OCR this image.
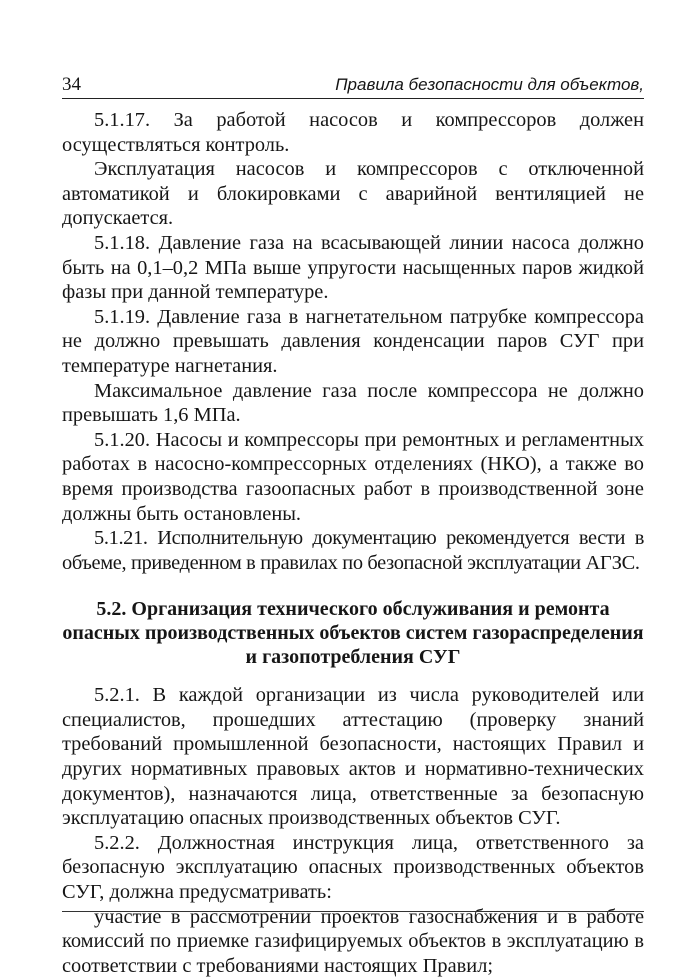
34	Правила безопасности для объектов,

5.1.17. За работой насосов и компрессоров должен осуществляться контроль.

Эксплуатация насосов и компрессоров с отключенной автоматикой и блокировками с аварийной вентиляцией не допускается.

5.1.18. Давление газа на всасывающей линии насоса должно быть на 0,1–0,2 МПа выше упругости насыщенных паров жидкой фазы при данной температуре.

5.1.19. Давление газа в нагнетательном патрубке компрессора не должно превышать давления конденсации паров СУГ при температуре нагнетания.

Максимальное давление газа после компрессора не должно превышать 1,6 МПа.

5.1.20. Насосы и компрессоры при ремонтных и регламентных работах в насосно-компрессорных отделениях (НКО), а также во время производства газоопасных работ в производственной зоне должны быть остановлены.

5.1.21. Исполнительную документацию рекомендуется вести в объеме, приведенном в правилах по безопасной эксплуатации АГЗС.

5.2. Организация технического обслуживания и ремонта
опасных производственных объектов систем газораспределения
и газопотребления СУГ

5.2.1. В каждой организации из числа руководителей или специалистов, прошедших аттестацию (проверку знаний требований промышленной безопасности, настоящих Правил и других нормативных правовых актов и нормативно-технических документов), назначаются лица, ответственные за безопасную эксплуатацию опасных производственных объектов СУГ.

5.2.2. Должностная инструкция лица, ответственного за безопасную эксплуатацию опасных производственных объектов СУГ, должна предусматривать:

участие в рассмотрении проектов газоснабжения и в работе комиссий по приемке газифицируемых объектов в эксплуатацию в соответствии с требованиями настоящих Правил;
